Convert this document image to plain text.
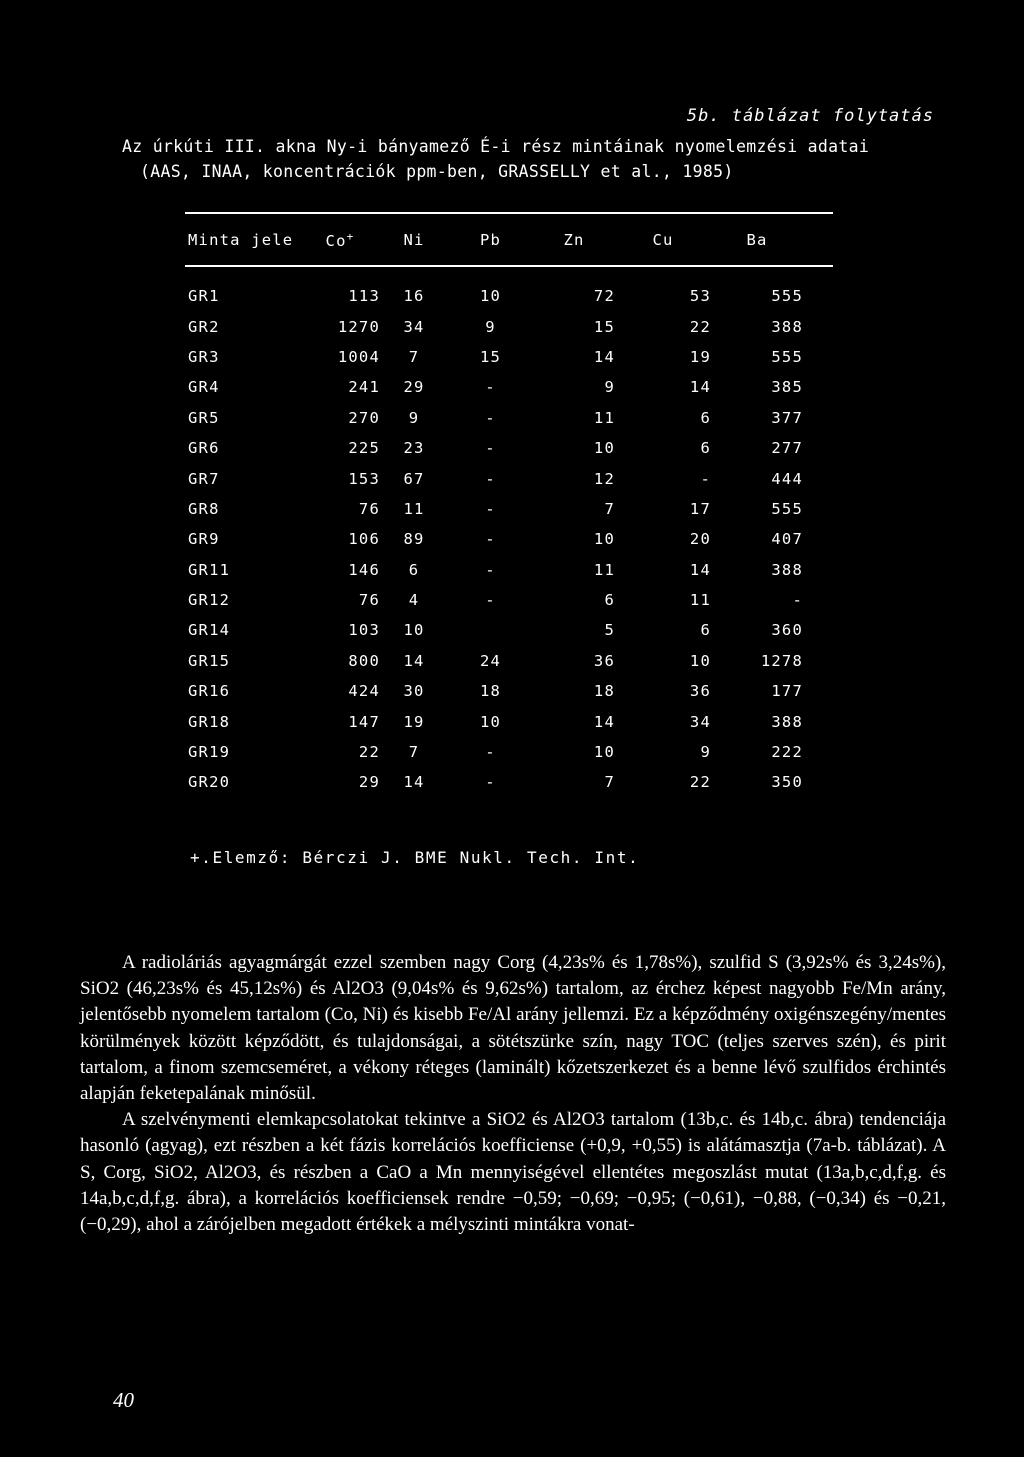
5b. táblázat folytatás
Az úrkúti III. akna Ny-i bányamező É-i rész mintáinak nyomelemzési adatai
(AAS, INAA, koncentrációk ppm-ben, GRASSELLY et al., 1985)
Minta jele	Co+	Ni	Pb	Zn	Cu	Ba

GR1	113	16	10	72	53	555
GR2	1270	34	9	15	22	388
GR3	1004	7	15	14	19	555
GR4	241	29	-	9	14	385
GR5	270	9	-	11	6	377
GR6	225	23	-	10	6	277
GR7	153	67	-	12	-	444
GR8	76	11	-	7	17	555
GR9	106	89	-	10	20	407
GR11	146	6	-	11	14	388
GR12	76	4	-	6	11	-
GR14	103	10		5	6	360
GR15	800	14	24	36	10	1278
GR16	424	30	18	18	36	177
GR18	147	19	10	14	34	388
GR19	22	7	-	10	9	222
GR20	29	14	-	7	22	350
+.Elemző: Bérczi J. BME Nukl. Tech. Int.

A radioláriás agyagmárgát ezzel szemben nagy Corg (4,23s% és 1,78s%), szulfid S (3,92s% és 3,24s%), SiO2 (46,23s% és 45,12s%) és Al2O3 (9,04s% és 9,62s%) tartalom, az érchez képest nagyobb Fe/Mn arány, jelentősebb nyomelem tartalom (Co, Ni) és kisebb Fe/Al arány jellemzi. Ez a képződmény oxigénszegény/mentes körülmények között képződött, és tulajdonságai, a sötétszürke szín, nagy TOC (teljes szerves szén), és pirit tartalom, a finom szemcseméret, a vékony réteges (laminált) kőzetszerkezet és a benne lévő szulfidos érchintés alapján feketepalának minősül.

A szelvénymenti elemkapcsolatokat tekintve a SiO2 és Al2O3 tartalom (13b,c. és 14b,c. ábra) tendenciája hasonló (agyag), ezt részben a két fázis korrelációs koefficiense (+0,9, +0,55) is alátámasztja (7a-b. táblázat). A S, Corg, SiO2, Al2O3, és részben a CaO a Mn mennyiségével ellentétes megoszlást mutat (13a,b,c,d,f,g. és 14a,b,c,d,f,g. ábra), a korrelációs koefficiensek rendre −0,59; −0,69; −0,95; (−0,61), −0,88, (−0,34) és −0,21, (−0,29), ahol a zárójelben megadott értékek a mélyszinti mintákra vonat-

40
